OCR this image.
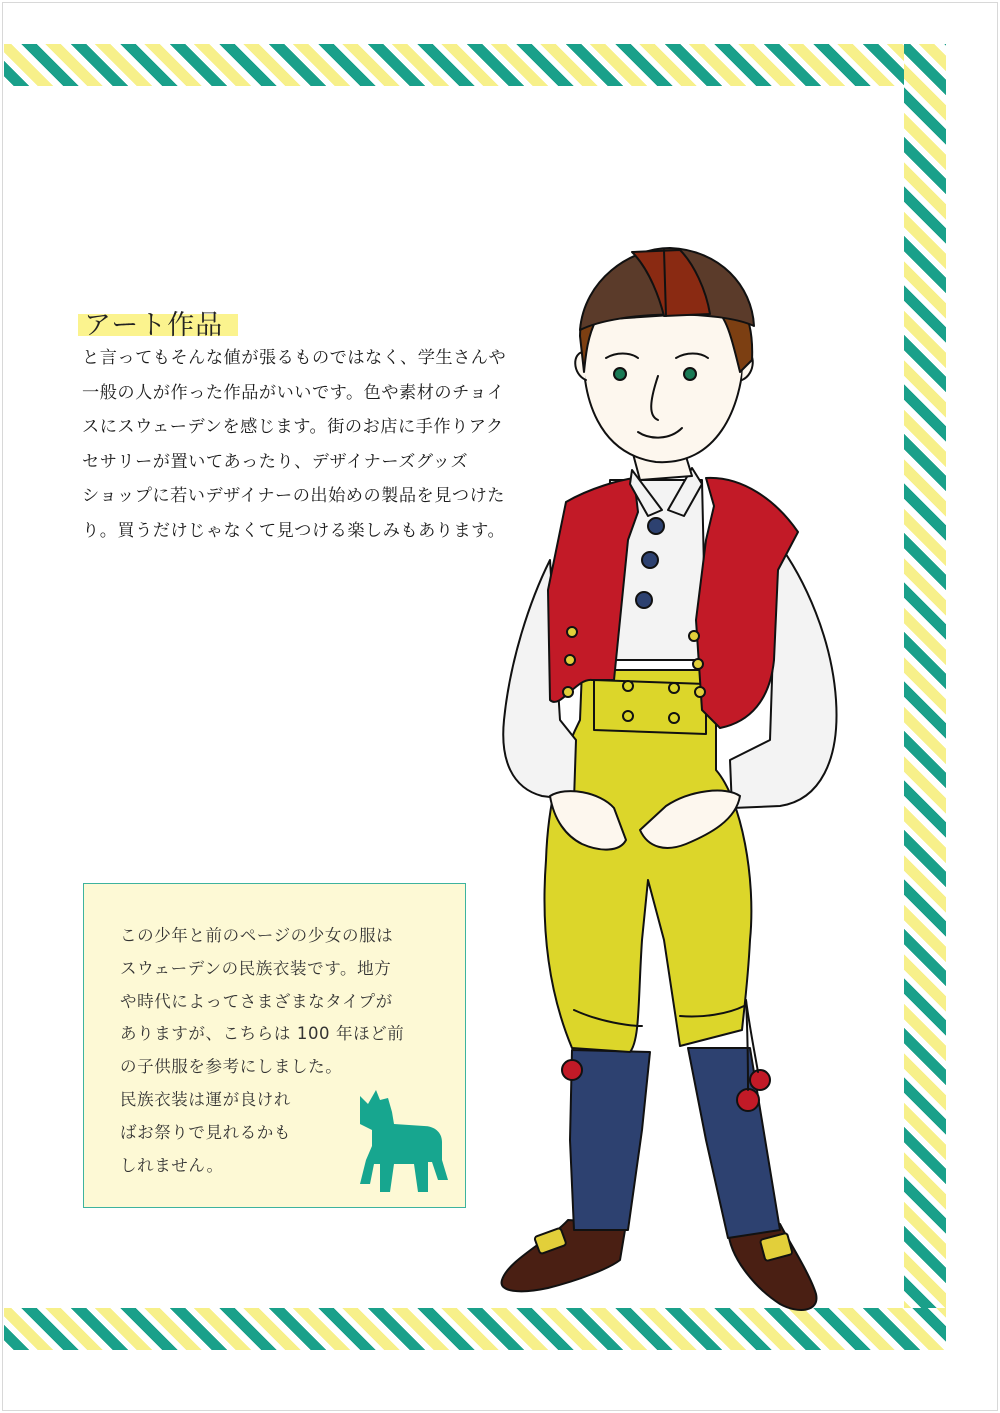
アート作品

と言ってもそんな値が張るものではなく、学生さんや

一般の人が作った作品がいいです。色や素材のチョイ

スにスウェーデンを感じます。街のお店に手作りアク

セサリーが置いてあったり、デザイナーズグッズ

ショップに若いデザイナーの出始めの製品を見つけた

り。買うだけじゃなくて見つける楽しみもあります。

この少年と前のページの少女の服は

スウェーデンの民族衣装です。地方

や時代によってさまざまなタイプが

ありますが、こちらは 100 年ほど前

の子供服を参考にしました。

民族衣装は運が良けれ

ばお祭りで見れるかも

しれません。
